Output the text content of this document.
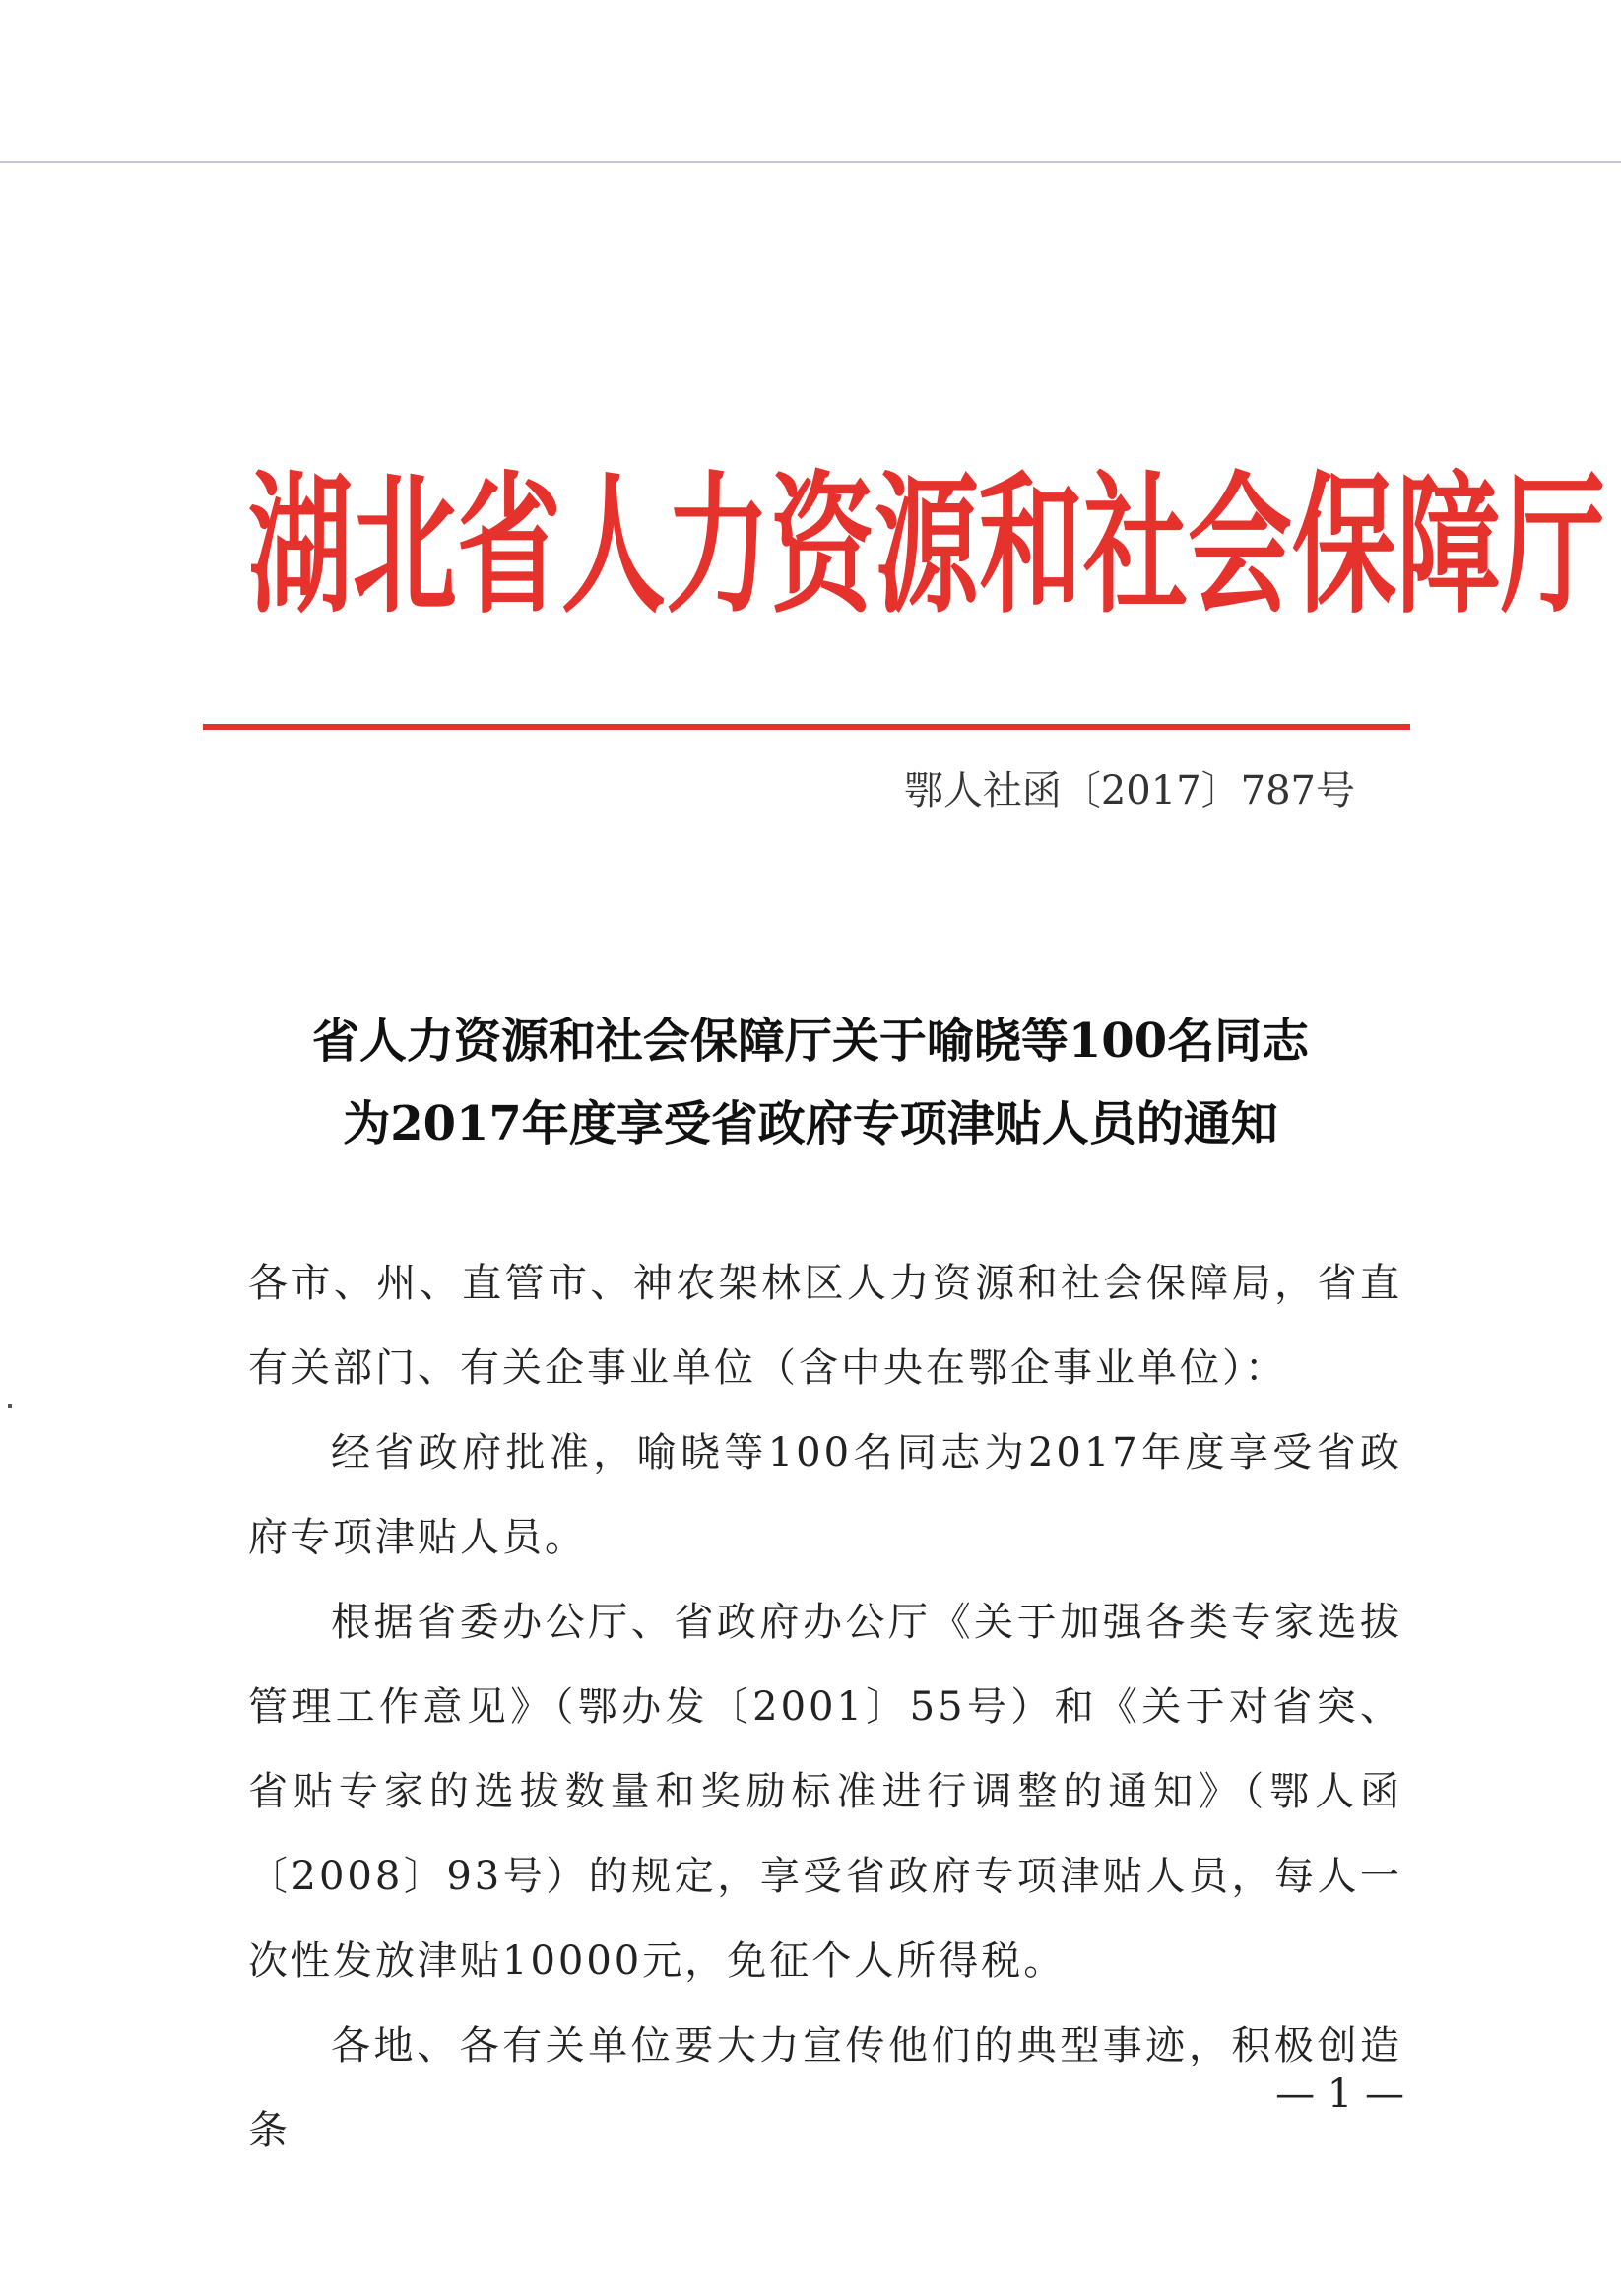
湖北省人力资源和社会保障厅
鄂人社函〔2017〕787号
省人力资源和社会保障厅关于喻晓等100名同志
为2017年度享受省政府专项津贴人员的通知

各市、州、直管市、神农架林区人力资源和社会保障局，省直有关部门、有关企事业单位（含中央在鄂企事业单位）：

经省政府批准，喻晓等100名同志为2017年度享受省政府专项津贴人员。

根据省委办公厅、省政府办公厅《关于加强各类专家选拔管理工作意见》（鄂办发〔2001〕55号）和《关于对省突、省贴专家的选拔数量和奖励标准进行调整的通知》（鄂人函〔2008〕93号）的规定，享受省政府专项津贴人员，每人一次性发放津贴10000元，免征个人所得税。

各地、各有关单位要大力宣传他们的典型事迹，积极创造条

— 1 —
